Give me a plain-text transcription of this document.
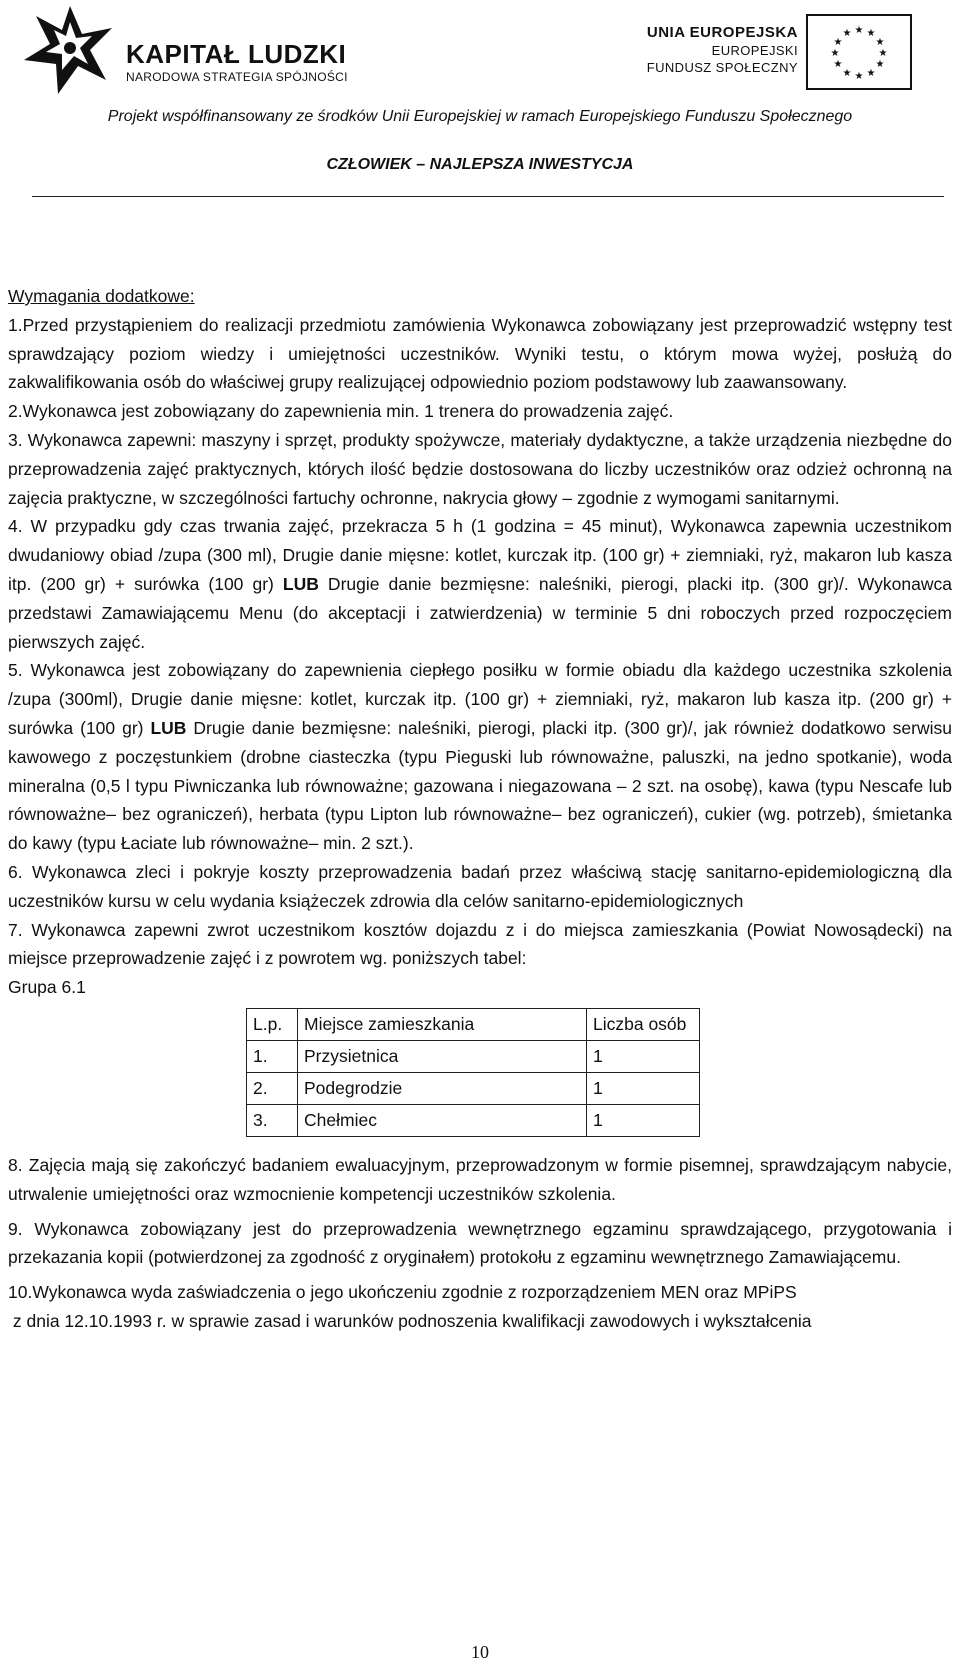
KAPITAŁ LUDZKI
NARODOWA STRATEGIA SPÓJNOŚCI
UNIA EUROPEJSKA
EUROPEJSKI
FUNDUSZ SPOŁECZNY
★ ★
★
★
★
★
★
★
★
★
★
★
Projekt współfinansowany ze środków Unii Europejskiej w ramach Europejskiego Funduszu Społecznego
CZŁOWIEK – NAJLEPSZA INWESTYCJA

Wymagania dodatkowe:

1.Przed przystąpieniem do realizacji przedmiotu zamówienia Wykonawca zobowiązany jest przeprowadzić wstępny test sprawdzający poziom wiedzy i umiejętności uczestników. Wyniki testu, o którym mowa wyżej, posłużą do zakwalifikowania osób do właściwej grupy realizującej odpowiednio poziom podstawowy lub zaawansowany.

2.Wykonawca jest zobowiązany do zapewnienia min. 1 trenera do prowadzenia zajęć.

3. Wykonawca zapewni: maszyny i sprzęt, produkty spożywcze, materiały dydaktyczne, a także urządzenia niezbędne do przeprowadzenia zajęć praktycznych, których ilość będzie dostosowana do liczby uczestników oraz odzież ochronną na zajęcia praktyczne, w szczególności fartuchy ochronne, nakrycia głowy – zgodnie z wymogami sanitarnymi.

4. W przypadku gdy czas trwania zajęć, przekracza 5 h (1 godzina = 45 minut), Wykonawca zapewnia uczestnikom dwudaniowy obiad /zupa (300 ml), Drugie danie mięsne: kotlet, kurczak itp. (100 gr) + ziemniaki, ryż, makaron lub kasza itp. (200 gr) + surówka (100 gr) LUB Drugie danie bezmięsne: naleśniki, pierogi, placki itp. (300 gr)/. Wykonawca przedstawi Zamawiającemu Menu (do akceptacji i zatwierdzenia) w terminie 5 dni roboczych przed rozpoczęciem pierwszych zajęć.

5. Wykonawca jest zobowiązany do zapewnienia ciepłego posiłku w formie obiadu dla każdego uczestnika szkolenia /zupa (300ml), Drugie danie mięsne: kotlet, kurczak itp. (100 gr) + ziemniaki, ryż, makaron lub kasza itp. (200 gr) + surówka (100 gr) LUB Drugie danie bezmięsne: naleśniki, pierogi, placki itp. (300 gr)/, jak również dodatkowo serwisu kawowego z poczęstunkiem (drobne ciasteczka (typu Pieguski lub równoważne, paluszki, na jedno spotkanie), woda mineralna (0,5 l typu Piwniczanka lub równoważne; gazowana i niegazowana – 2 szt. na osobę), kawa (typu Nescafe lub równoważne– bez ograniczeń), herbata (typu Lipton lub równoważne– bez ograniczeń), cukier (wg. potrzeb), śmietanka do kawy (typu Łaciate lub równoważne– min. 2 szt.).

6. Wykonawca zleci i pokryje koszty przeprowadzenia badań przez właściwą stację sanitarno-epidemiologiczną dla uczestników kursu w celu wydania książeczek zdrowia dla celów sanitarno-epidemiologicznych

7. Wykonawca zapewni zwrot uczestnikom kosztów dojazdu z i do miejsca zamieszkania (Powiat Nowosądecki) na miejsce przeprowadzenie zajęć i z powrotem wg. poniższych tabel:

Grupa 6.1

L.p.	Miejsce zamieszkania	Liczba osób
1.	Przysietnica	1
2.	Podegrodzie	1
3.	Chełmiec	1

8. Zajęcia mają się zakończyć badaniem ewaluacyjnym, przeprowadzonym w formie pisemnej, sprawdzającym nabycie, utrwalenie umiejętności oraz wzmocnienie kompetencji uczestników szkolenia.

9. Wykonawca zobowiązany jest do przeprowadzenia wewnętrznego egzaminu sprawdzającego, przygotowania i przekazania kopii (potwierdzonej za zgodność z oryginałem) protokołu z egzaminu wewnętrznego Zamawiającemu.

10.Wykonawca wyda zaświadczenia o jego ukończeniu zgodnie z rozporządzeniem MEN oraz MPiPS

z dnia 12.10.1993 r. w sprawie zasad i warunków podnoszenia kwalifikacji zawodowych i wykształcenia

10
